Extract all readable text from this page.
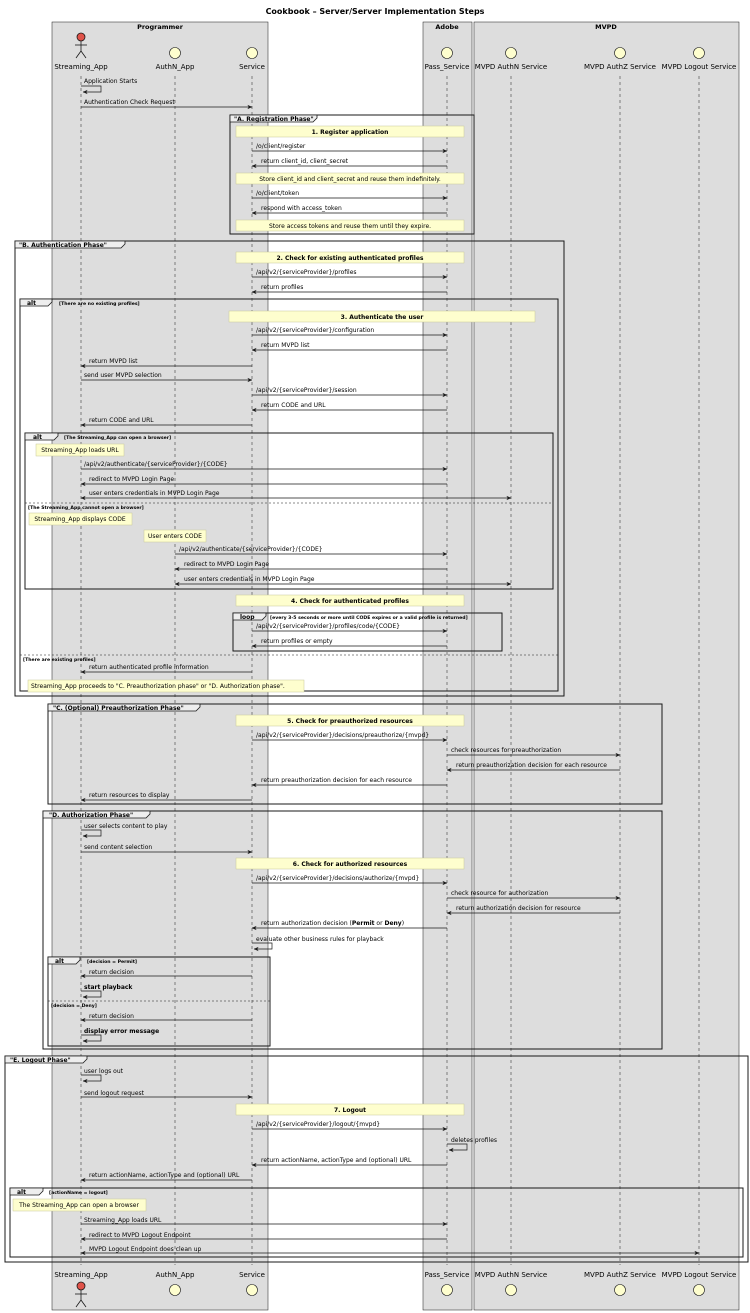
Cookbook – Server/Server Implementation Steps
Programmer	Adobe	MVPD
Streaming_App	AuthN_App	Service	Pass_Service MVPD AuthN Service	MVPD AuthZ Service MVPD Logout Service
Streaming_App	AuthN_App	Service	Pass_Service MVPD AuthN Service	MVPD AuthZ Service MVPD Logout Service
"A. Registration Phase"
"B. Authentication Phase"
alt	[There are no existing profiles]
alt	[The Streaming_App can open a browser]
[The Streaming_App cannot open a browser]
loop	[every 3-5 seconds or more until CODE expires or a valid profile is returned]
[There are existing profiles]
"C. (Optional) Preauthorization Phase"
"D. Authorization Phase"
alt	[decision = Permit]
[decision = Deny]
"E. Logout Phase"
alt	[actionName = logout]
1. Register application
2. Check for existing authenticated profiles
3. Authenticate the user
4. Check for authenticated profiles
5. Check for preauthorized resources
6. Check for authorized resources
7. Logout
Store client_id and client_secret and reuse them indefinitely.
Store access tokens and reuse them until they expire.
Streaming_App loads URL
Streaming_App displays CODE
User enters CODE
Streaming_App proceeds to "C. Preauthorization phase" or "D. Authorization phase".
The Streaming_App can open a browser
Application Starts
Authentication Check Request
/o/client/register
return client_id, client_secret
/o/client/token
respond with access_token
/api/v2/{serviceProvider}/profiles
return profiles
/api/v2/{serviceProvider}/configuration
return MVPD list
return MVPD list
send user MVPD selection
/api/v2/{serviceProvider}/session
return CODE and URL
return CODE and URL
/api/v2/authenticate/{serviceProvider}/{CODE}
redirect to MVPD Login Page
user enters credentials in MVPD Login Page
/api/v2/authenticate/{serviceProvider}/{CODE}
redirect to MVPD Login Page
user enters credentials in MVPD Login Page
/api/v2/{serviceProvider}/profiles/code/{CODE}
return profiles or empty
return authenticated profile information
/api/v2/{serviceProvider}/decisions/preauthorize/{mvpd}
check resources for preauthorization
return preauthorization decision for each resource
return preauthorization decision for each resource
return resources to display
user selects content to play
send content selection
/api/v2/{serviceProvider}/decisions/authorize/{mvpd}
check resource for authorization
return authorization decision for resource
return authorization decision (Permit or Deny)
evaluate other business rules for playback
return decision
start playback
return decision
display error message
user logs out
send logout request
/api/v2/{serviceProvider}/logout/{mvpd}
deletes profiles
return actionName, actionType and (optional) URL
return actionName, actionType and (optional) URL
Streaming_App loads URL
redirect to MVPD Logout Endpoint
MVPD Logout Endpoint does clean up
